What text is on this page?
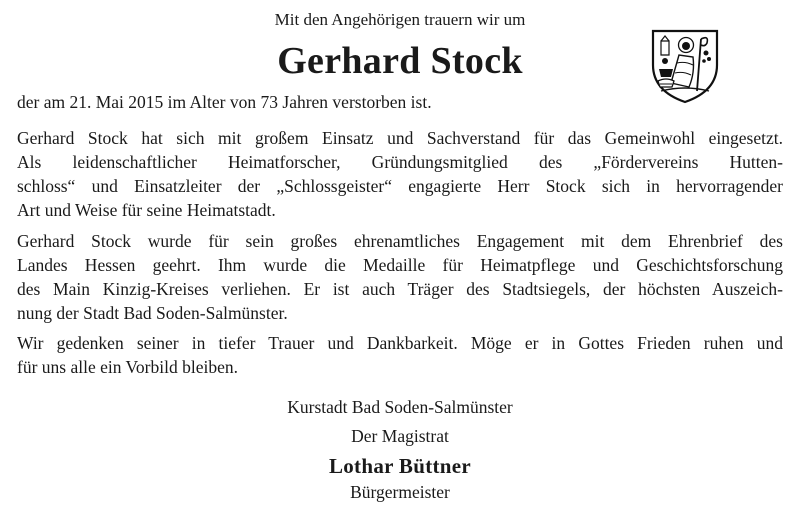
Mit den Angehörigen trauern wir um
Gerhard Stock
der am 21. Mai 2015 im Alter von 73 Jahren verstorben ist.
Gerhard Stock hat sich mit großem Einsatz und Sachverstand für das Gemeinwohl eingesetzt.
Als leidenschaftlicher Heimatforscher, Gründungsmitglied des „Fördervereins Hutten-
schloss“ und Einsatzleiter der „Schlossgeister“ engagierte Herr Stock sich in hervorragender
Art und Weise für seine Heimatstadt.
Gerhard Stock wurde für sein großes ehrenamtliches Engagement mit dem Ehrenbrief des
Landes Hessen geehrt. Ihm wurde die Medaille für Heimatpflege und Geschichtsforschung
des Main Kinzig-Kreises verliehen. Er ist auch Träger des Stadtsiegels, der höchsten Auszeich-
nung der Stadt Bad Soden-Salmünster.
Wir gedenken seiner in tiefer Trauer und Dankbarkeit. Möge er in Gottes Frieden ruhen und
für uns alle ein Vorbild bleiben.
Kurstadt Bad Soden-Salmünster
Der Magistrat
Lothar Büttner
Bürgermeister
